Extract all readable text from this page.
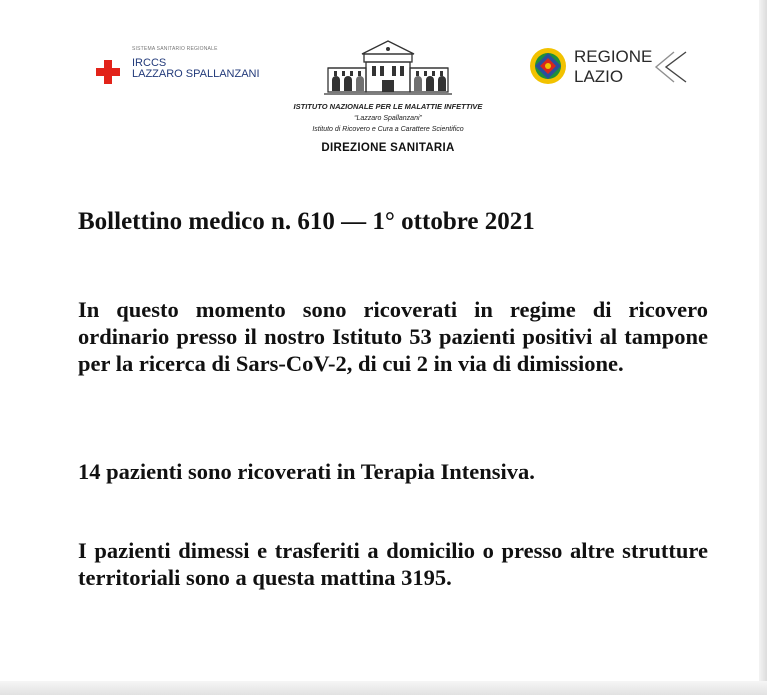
SISTEMA SANITARIO REGIONALE
IRCCS
LAZZARO SPALLANZANI
ISTITUTO NAZIONALE PER LE MALATTIE INFETTIVE
“Lazzaro Spallanzani”
Istituto di Ricovero e Cura a Carattere Scientifico
DIREZIONE SANITARIA
REGIONE
LAZIO
Bollettino medico n. 610 — 1° ottobre 2021
In questo momento sono ricoverati in regime di ricovero ordinario presso il nostro Istituto 53 pazienti positivi al tampone per la ricerca di Sars-CoV-2, di cui 2 in via di dimissione.
14 pazienti sono ricoverati in Terapia Intensiva.
I pazienti dimessi e trasferiti a domicilio o presso altre strutture territoriali sono a questa mattina 3195.
